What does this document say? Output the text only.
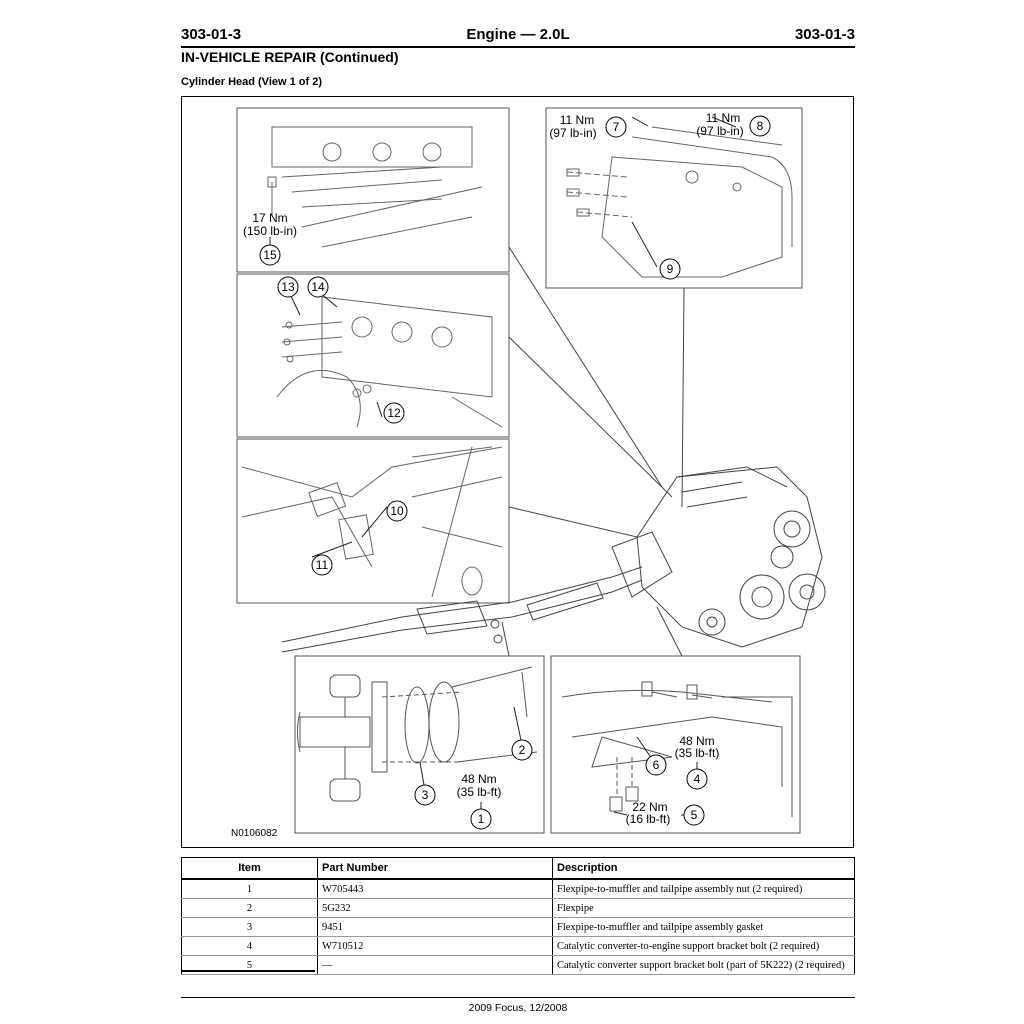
303-01-3	Engine — 2.0L	303-01-3
IN-VEHICLE REPAIR (Continued)
Cylinder Head (View 1 of 2)
15
13 14
12
10
11
7	8
9
2
3
1
6
4
5
17 Nm
(150 lb-in)
11 Nm
(97 lb-in)
11 Nm
(97 lb-in)
48 Nm
(35 lb-ft)
48 Nm
(35 lb-ft)
22 Nm
(16 lb-ft)
N0106082
Item	Part Number	Description
1	W705443	Flexpipe-to-muffler and tailpipe assembly nut (2 required)
2	5G232	Flexpipe
3	9451	Flexpipe-to-muffler and tailpipe assembly gasket
4	W710512	Catalytic converter-to-engine support bracket bolt (2 required)
5	—	Catalytic converter support bracket bolt (part of 5K222) (2 required)
2009 Focus, 12/2008
